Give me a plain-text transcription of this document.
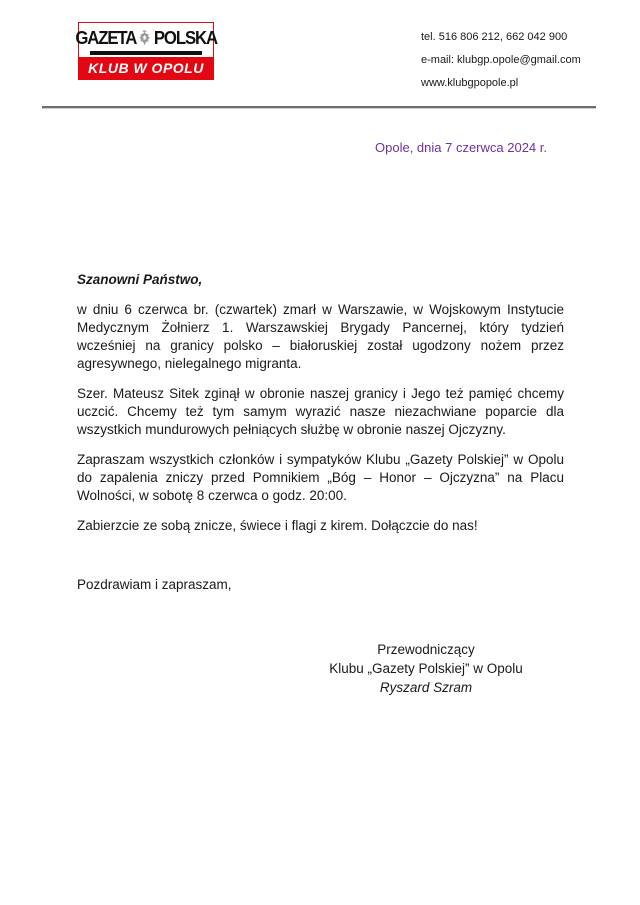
GAZETA POLSKA
KLUB W OPOLU
tel. 516 806 212, 662 042 900
e-mail: klubgp.opole@gmail.com
www.klubgpopole.pl
Opole, dnia 7 czerwca 2024 r.

Szanowni Państwo,

w dniu 6 czerwca br. (czwartek) zmarł w Warszawie, w Wojskowym Instytucie Medycznym Żołnierz 1. Warszawskiej Brygady Pancernej, który tydzień wcześniej na granicy polsko – białoruskiej został ugodzony nożem przez agresywnego, nielegalnego migranta.

Szer. Mateusz Sitek zginął w obronie naszej granicy i Jego też pamięć chcemy uczcić. Chcemy też tym samym wyrazić nasze niezachwiane poparcie dla wszystkich mundurowych pełniących służbę w obronie naszej Ojczyzny.

Zapraszam wszystkich członków i sympatyków Klubu „Gazety Polskiej” w Opolu do zapalenia zniczy przed Pomnikiem „Bóg – Honor – Ojczyzna” na Placu Wolności, w sobotę 8 czerwca o godz. 20:00.

Zabierzcie ze sobą znicze, świece i flagi z kirem. Dołączcie do nas!

Pozdrawiam i zapraszam,

Przewodniczący
Klubu „Gazety Polskiej” w Opolu
Ryszard Szram
